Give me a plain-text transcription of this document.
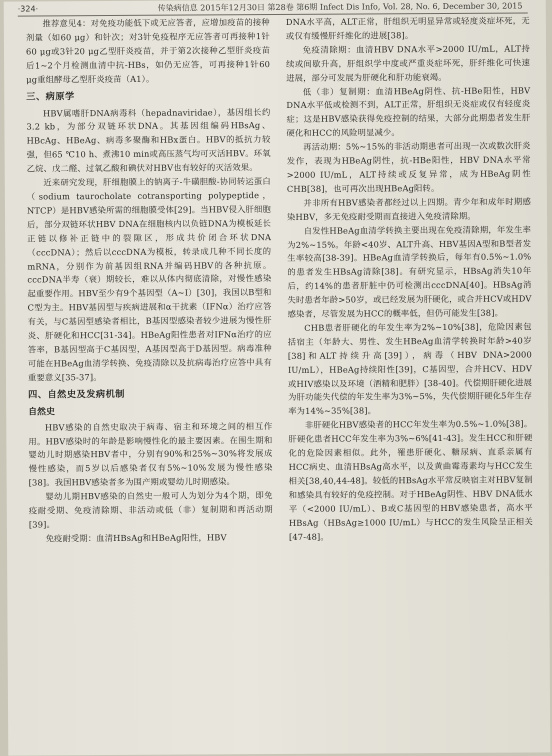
·324·	传染病信息 2015年12月30日 第28卷 第6期 Infect Dis Info, Vol. 28, No. 6, December 30, 2015

推荐意见4：对免疫功能低下或无应答者，应增加疫苗的接种剂量（如60 μg）和针次；对3针免疫程序无应答者可再接种1针60 μg或3针20 μg乙型肝炎疫苗，并于第2次接种乙型肝炎疫苗后1~2个月检测血清中抗-HBs，如仍无应答，可再接种1针60 μg重组酵母乙型肝炎疫苗（A1）。

三、病原学

HBV属嗜肝DNA病毒科（hepadnaviridae），基因组长约3.2 kb，为部分双链环状DNA。其基因组编码HBsAg、HBcAg、HBeAg、病毒多聚酶和HBx蛋白。HBV的抵抗力较强，但65 ℃10 h、煮沸10 min或高压蒸气均可灭活HBV。环氧乙烷、戊二醛、过氧乙酸和碘伏对HBV也有较好的灭活效果。

近来研究发现，肝细胞膜上的钠离子-牛磺胆酸-协同转运蛋白（sodium taurocholate cotransporting polypeptide，NTCP）是HBV感染所需的细胞膜受体[29]。当HBV侵入肝细胞后，部分双链环状HBV DNA在细胞核内以负链DNA为模板延长正链以修补正链中的裂隙区，形成共价闭合环状DNA（cccDNA）；然后以cccDNA为模板，转录成几种不同长度的mRNA，分别作为前基因组RNA并编码HBV的各种抗原。cccDNA半寿（衰）期较长，难以从体内彻底清除，对慢性感染起重要作用。HBV至少有9个基因型（A~I）[30]，我国以B型和C型为主。HBV基因型与疾病进展和α干扰素（IFNα）治疗应答有关，与C基因型感染者相比，B基因型感染者较少进展为慢性肝炎、肝硬化和HCC[31-34]。HBeAg阳性患者对IFNα治疗的应答率，B基因型高于C基因型，A基因型高于D基因型。病毒准种可能在HBeAg血清学转换、免疫清除以及抗病毒治疗应答中具有重要意义[35-37]。

四、自然史及发病机制
自然史

HBV感染的自然史取决于病毒、宿主和环境之间的相互作用。HBV感染时的年龄是影响慢性化的最主要因素。在围生期和婴幼儿时期感染HBV者中，分别有90%和25%~30%将发展成慢性感染，而5岁以后感染者仅有5%~10%发展为慢性感染[38]。我国HBV感染者多为围产期或婴幼儿时期感染。

婴幼儿期HBV感染的自然史一般可人为划分为4个期，即免疫耐受期、免疫清除期、非活动或低（非）复制期和再活动期[39]。

免疫耐受期：血清HBsAg和HBeAg阳性，HBV

DNA水平高，ALT正常，肝组织无明显异常或轻度炎症坏死，无或仅有缓慢肝纤维化的进展[38]。

免疫清除期：血清HBV DNA水平>2000 IU/mL，ALT持续或间歇升高，肝组织学中度或严重炎症坏死，肝纤维化可快速进展，部分可发展为肝硬化和肝功能衰竭。

低（非）复制期：血清HBeAg阴性、抗-HBe阳性，HBV DNA水平低或检测不到，ALT正常，肝组织无炎症或仅有轻度炎症；这是HBV感染获得免疫控制的结果，大部分此期患者发生肝硬化和HCC的风险明显减少。

再活动期：5%~15%的非活动期患者可出现一次或数次肝炎发作，表现为HBeAg阴性，抗-HBe阳性，HBV DNA水平常>2000 IU/mL，ALT持续或反复异常，成为HBeAg阴性CHB[38]，也可再次出现HBeAg阳转。

并非所有HBV感染者都经过以上四期。青少年和成年时期感染HBV，多无免疫耐受期而直接进入免疫清除期。

自发性HBeAg血清学转换主要出现在免疫清除期，年发生率为2%~15%。年龄<40岁、ALT升高、HBV基因A型和B型者发生率较高[38-39]。HBeAg血清学转换后，每年有0.5%~1.0%的患者发生HBsAg清除[38]。有研究显示，HBsAg消失10年后，约14%的患者肝脏中仍可检测出cccDNA[40]。HBsAg消失时患者年龄>50岁，或已经发展为肝硬化，或合并HCV或HDV感染者，尽管发展为HCC的概率低，但仍可能发生[38]。

CHB患者肝硬化的年发生率为2%~10%[38]，危险因素包括宿主（年龄大、男性、发生HBeAg血清学转换时年龄>40岁[38]和ALT持续升高[39]），病毒（HBV DNA>2000 IU/mL），HBeAg持续阳性[39]，C基因型，合并HCV、HDV或HIV感染以及环境（酒精和肥胖）[38-40]。代偿期肝硬化进展为肝功能失代偿的年发生率为3%~5%，失代偿期肝硬化5年生存率为14%~35%[38]。

非肝硬化HBV感染者的HCC年发生率为0.5%~1.0%[38]。肝硬化患者HCC年发生率为3%~6%[41-43]。发生HCC和肝硬化的危险因素相似。此外，罹患肝硬化、糖尿病、直系亲属有HCC病史、血清HBsAg高水平，以及黄曲霉毒素均与HCC发生相关[38,40,44-48]。较低的HBsAg水平常反映宿主对HBV复制和感染具有较好的免疫控制。对于HBeAg阴性、HBV DNA低水平（<2000 IU/mL）、B或C基因型的HBV感染患者，高水平HBsAg（HBsAg≥1000 IU/mL）与HCC的发生风险呈正相关[47-48]。
